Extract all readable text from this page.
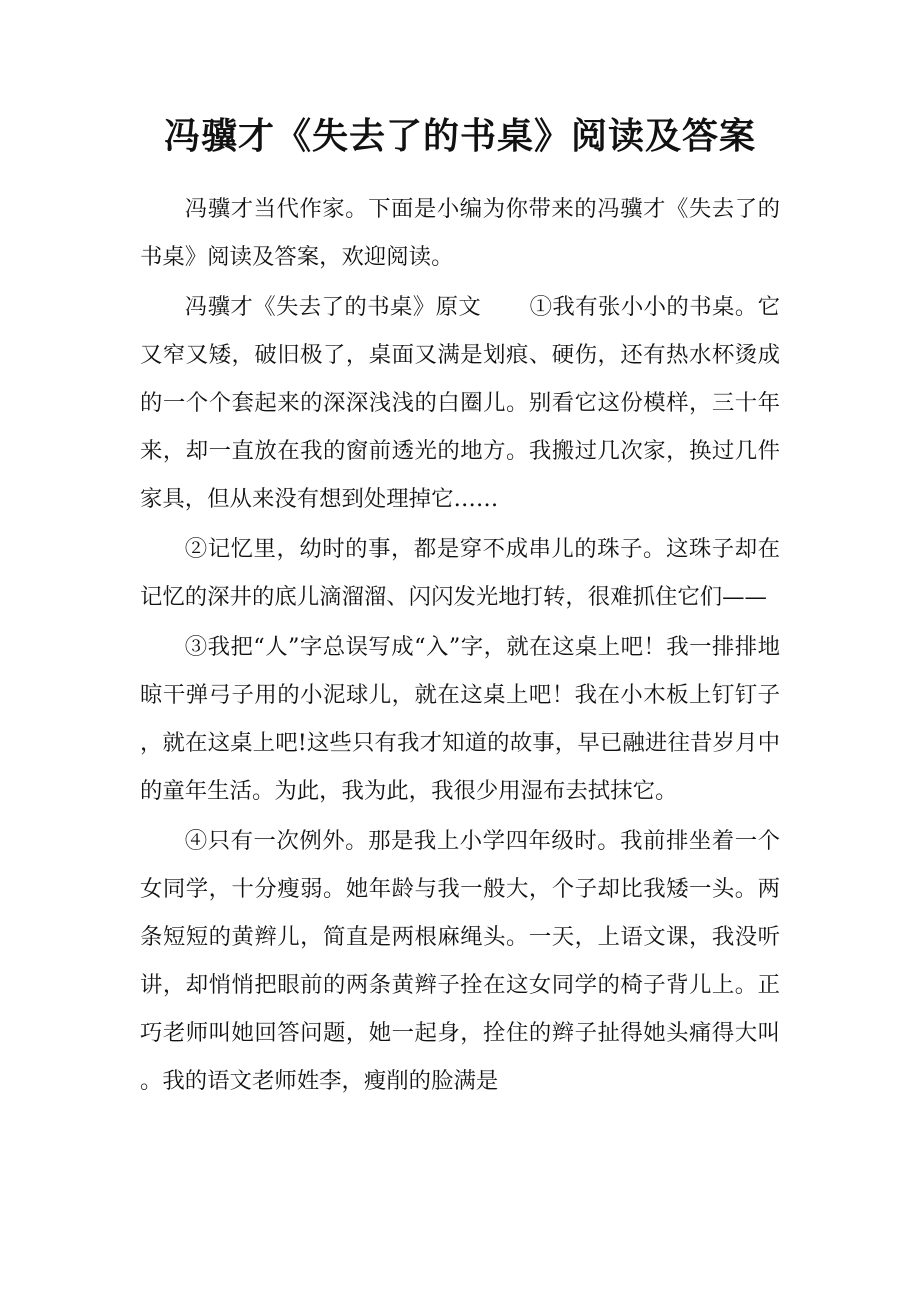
冯骥才《失去了的书桌》阅读及答案

冯骥才当代作家。下面是小编为你带来的冯骥才《失去了的书桌》阅读及答案，欢迎阅读。

冯骥才《失去了的书桌》原文 ①我有张小小的书桌。它又窄又矮，破旧极了，桌面又满是划痕、硬伤，还有热水杯烫成的一个个套起来的深深浅浅的白圈儿。别看它这份模样，三十年来，却一直放在我的窗前透光的地方。我搬过几次家，换过几件家具，但从来没有想到处理掉它……

②记忆里，幼时的事，都是穿不成串儿的珠子。这珠子却在记忆的深井的底儿滴溜溜、闪闪发光地打转，很难抓住它们——

③我把“人”字总误写成“入”字，就在这桌上吧！我一排排地晾干弹弓子用的小泥球儿，就在这桌上吧！我在小木板上钉钉子，就在这桌上吧!这些只有我才知道的故事，早已融进往昔岁月中的童年生活。为此，我为此，我很少用湿布去拭抹它。

④只有一次例外。那是我上小学四年级时。我前排坐着一个女同学，十分瘦弱。她年龄与我一般大，个子却比我矮一头。两条短短的黄辫儿，简直是两根麻绳头。一天，上语文课，我没听讲，却悄悄把眼前的两条黄辫子拴在这女同学的椅子背儿上。正巧老师叫她回答问题，她一起身，拴住的辫子扯得她头痛得大叫。我的语文老师姓李，瘦削的脸满是
